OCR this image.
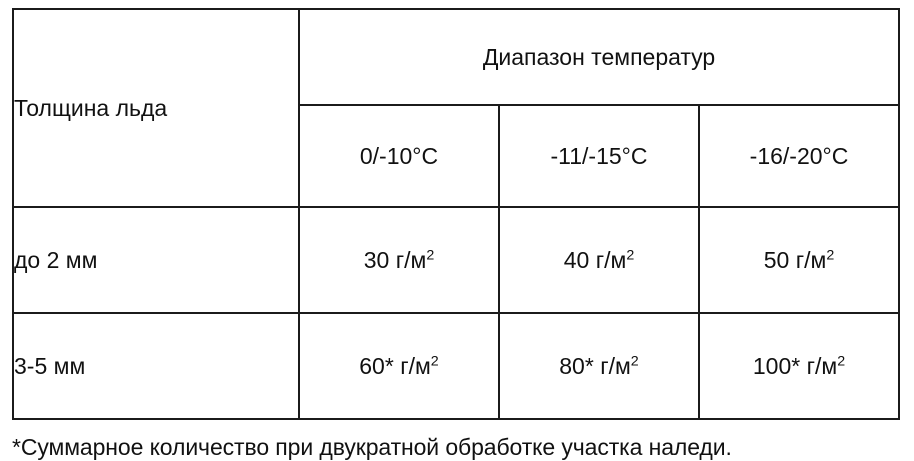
Толщина льда	Диапазон температур		
	0/-10°C	-11/-15°C	-16/-20°C
до 2 мм	30 $г/м^2$	40 $г/м^2$	50 $г/м^2$
3-5 мм	60* $г/м^2$	80* $г/м^2$	100* $г/м^2$
*Суммарное количество при двукратной обработке участка наледи.
